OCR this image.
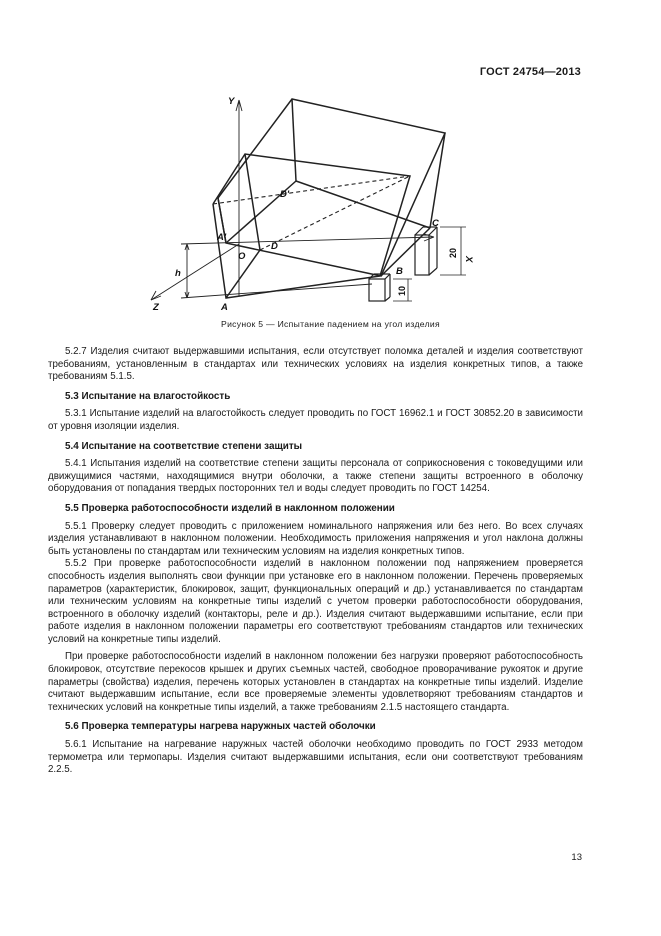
ГОСТ 24754—2013
Y
X
Z
A'
D'
D
O
A
B
C
h
20
10
Рисунок 5 — Испытание падением на угол изделия

5.2.7 Изделия считают выдержавшими испытания, если отсутствует поломка деталей и изделия соответствуют требованиям, установленным в стандартах или технических условиях на изделия конкретных типов, а также требованиям 5.1.5.

5.3 Испытание на влагостойкость

5.3.1 Испытание изделий на влагостойкость следует проводить по ГОСТ 16962.1 и ГОСТ 30852.20 в зависимости от уровня изоляции изделия.

5.4 Испытание на соответствие степени защиты

5.4.1 Испытания изделий на соответствие степени защиты персонала от соприкосновения с токоведущими или движущимися частями, находящимися внутри оболочки, а также степени защиты встроенного в оболочку оборудования от попадания твердых посторонних тел и воды следует проводить по ГОСТ 14254.

5.5 Проверка работоспособности изделий в наклонном положении

5.5.1 Проверку следует проводить с приложением номинального напряжения или без него. Во всех случаях изделия устанавливают в наклонном положении. Необходимость приложения напряжения и угол наклона должны быть установлены по стандартам или техническим условиям на изделия конкретных типов.

5.5.2 При проверке работоспособности изделий в наклонном положении под напряжением проверяется способность изделия выполнять свои функции при установке его в наклонном положении. Перечень проверяемых параметров (характеристик, блокировок, защит, функциональных операций и др.) устанавливается по стандартам или техническим условиям на конкретные типы изделий с учетом проверки работоспособности оборудования, встроенного в оболочку изделий (контакторы, реле и др.). Изделия считают выдержавшими испытание, если при работе изделия в наклонном положении параметры его соответствуют требованиям стандартов или технических условий на конкретные типы изделий.

При проверке работоспособности изделий в наклонном положении без нагрузки проверяют работоспособность блокировок, отсутствие перекосов крышек и других съемных частей, свободное проворачивание рукояток и другие параметры (свойства) изделия, перечень которых установлен в стандартах на конкретные типы изделий. Изделие считают выдержавшим испытание, если все проверяемые элементы удовлетворяют требованиям стандартов и технических условий на конкретные типы изделий, а также требованиям 2.1.5 настоящего стандарта.

5.6 Проверка температуры нагрева наружных частей оболочки

5.6.1 Испытание на нагревание наружных частей оболочки необходимо проводить по ГОСТ 2933 методом термометра или термопары. Изделия считают выдержавшими испытания, если они соответствуют требованиям 2.2.5.

13
